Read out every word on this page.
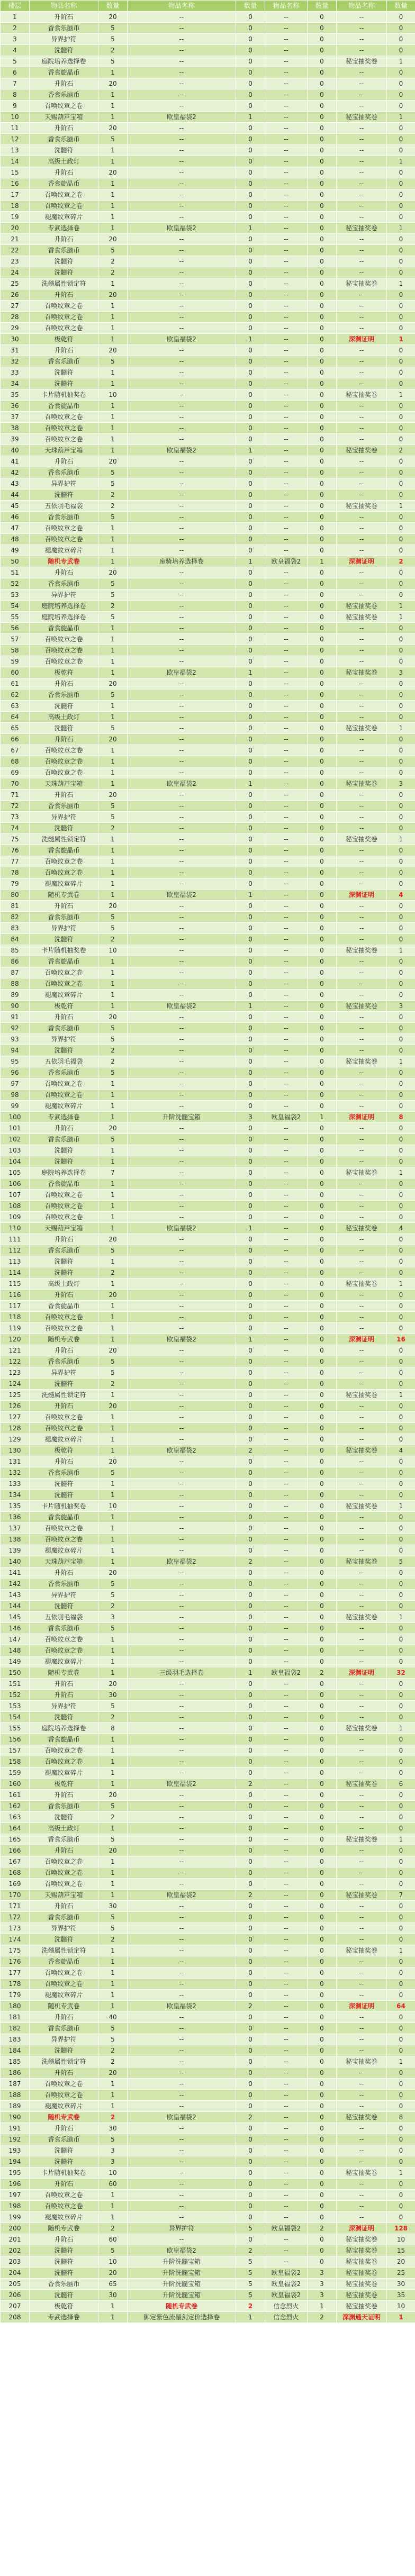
楼层	物品名称	数量	物品名称	数量	物品名称	数量	物品名称	数量
1	升阶石	20	--	0	--	0	--	0
2	香食乐脑币	5	--	0	--	0	--	0
3	异界护符	5	--	0	--	0	--	0
4	洗髓符	2	--	0	--	0	--	0
5	庭院培养选择卷	5	--	0	--	0	秘宝抽奖卷	1
6	香食旋晶币	1	--	0	--	0	--	0
7	升阶石	20	--	0	--	0	--	0
8	香食乐脑币	1	--	0	--	0	--	0
9	召唤纹章之卷	1	--	0	--	0	--	0
10	天赐葫芦宝箱	1	欧皇福袋2	1	--	0	秘宝抽奖卷	1
11	升阶石	20	--	0	--	0	--	0
12	香食乐脑币	5	--	0	--	0	--	0
13	洗髓符	1	--	0	--	0	--	0
14	高级土政灯	1	--	0	--	0	--	1
15	升阶石	20	--	0	--	0	--	0
16	香食旋晶币	1	--	0	--	0	--	0
17	召唤纹章之卷	1	--	0	--	0	--	0
18	召唤纹章之卷	1	--	0	--	0	--	0
19	褪魔纹章碎片	1	--	0	--	0	--	0
20	专武选择卷	1	欧皇福袋2	1	--	0	秘宝抽奖卷	1
21	升阶石	20	--	0	--	0	--	0
22	香食乐脑币	5	--	0	--	0	--	0
23	洗髓符	2	--	0	--	0	--	0
24	洗髓符	2	--	0	--	0	--	0
25	洗髓属性锁定符	1	--	0	--	0	秘宝抽奖卷	1
26	升阶石	20	--	0	--	0	--	0
27	召唤纹章之卷	1	--	0	--	0	--	0
28	召唤纹章之卷	1	--	0	--	0	--	0
29	召唤纹章之卷	1	--	0	--	0	--	0
30	极乾符	1	欧皇福袋2	1	--	0	深渊证明	1
31	升阶石	20	--	0	--	0	--	0
32	香食乐脑币	5	--	0	--	0	--	0
33	洗髓符	1	--	0	--	0	--	0
34	洗髓符	1	--	0	--	0	--	0
35	卡片随机抽奖卷	10	--	0	--	0	秘宝抽奖卷	1
36	香食旋晶币	1	--	0	--	0	--	0
37	召唤纹章之卷	1	--	0	--	0	--	0
38	召唤纹章之卷	1	--	0	--	0	--	0
39	召唤纹章之卷	1	--	0	--	0	--	0
40	天珠葫芦宝箱	1	欧皇福袋2	1	--	0	秘宝抽奖卷	2
41	升阶石	20	--	0	--	0	--	0
42	香食乐脑币	5	--	0	--	0	--	0
43	异界护符	5	--	0	--	0	--	0
44	洗髓符	2	--	0	--	0	--	0
45	五依羽毛福袋	2	--	0	--	0	秘宝抽奖卷	1
46	香食乐脑币	5	--	0	--	0	--	0
47	召唤纹章之卷	1	--	0	--	0	--	0
48	召唤纹章之卷	1	--	0	--	0	--	0
49	褪魔纹章碎片	1	--	0	--	0	--	0
50	随机专武卷	1	座骑培养选择卷	1	欧皇福袋2	1	深渊证明	2
51	升阶石	20	--	0	--	0	--	0
52	香食乐脑币	5	--	0	--	0	--	0
53	异界护符	5	--	0	--	0	--	0
54	庭院培养选择卷	2	--	0	--	0	秘宝抽奖卷	1
55	庭院培养选择卷	5	--	0	--	0	秘宝抽奖卷	1
56	香食旋晶币	1	--	0	--	0	--	0
57	召唤纹章之卷	1	--	0	--	0	--	0
58	召唤纹章之卷	1	--	0	--	0	--	0
59	召唤纹章之卷	1	--	0	--	0	--	0
60	极乾符	1	欧皇福袋2	1	--	0	秘宝抽奖卷	3
61	升阶石	20	--	0	--	0	--	0
62	香食乐脑币	5	--	0	--	0	--	0
63	洗髓符	1	--	0	--	0	--	0
64	高级土政灯	1	--	0	--	0	--	0
65	洗髓符	5	--	0	--	0	秘宝抽奖卷	1
66	升阶石	20	--	0	--	0	--	0
67	召唤纹章之卷	1	--	0	--	0	--	0
68	召唤纹章之卷	1	--	0	--	0	--	0
69	召唤纹章之卷	1	--	0	--	0	--	0
70	天珠葫芦宝箱	1	欧皇福袋2	1	--	0	秘宝抽奖卷	3
71	升阶石	20	--	0	--	0	--	0
72	香食乐脑币	5	--	0	--	0	--	0
73	异界护符	5	--	0	--	0	--	0
74	洗髓符	2	--	0	--	0	--	0
75	洗髓属性锁定符	1	--	0	--	0	秘宝抽奖卷	1
76	香食旋晶币	1	--	0	--	0	--	0
77	召唤纹章之卷	1	--	0	--	0	--	0
78	召唤纹章之卷	1	--	0	--	0	--	0
79	褪魔纹章碎片	1	--	0	--	0	--	0
80	随机专武卷	1	欧皇福袋2	1	--	0	深渊证明	4
81	升阶石	20	--	0	--	0	--	0
82	香食乐脑币	5	--	0	--	0	--	0
83	异界护符	5	--	0	--	0	--	0
84	洗髓符	2	--	0	--	0	--	0
85	卡片随机抽奖卷	10	--	0	--	0	秘宝抽奖卷	1
86	香食旋晶币	1	--	0	--	0	--	0
87	召唤纹章之卷	1	--	0	--	0	--	0
88	召唤纹章之卷	1	--	0	--	0	--	0
89	褪魔纹章碎片	1	--	0	--	0	--	0
90	极乾符	1	欧皇福袋2	1	--	0	秘宝抽奖卷	3
91	升阶石	20	--	0	--	0	--	0
92	香食乐脑币	5	--	0	--	0	--	0
93	异界护符	5	--	0	--	0	--	0
94	洗髓符	2	--	0	--	0	--	0
95	五依羽毛福袋	2	--	0	--	0	秘宝抽奖卷	1
96	香食乐脑币	5	--	0	--	0	--	0
97	召唤纹章之卷	1	--	0	--	0	--	0
98	召唤纹章之卷	1	--	0	--	0	--	0
99	褪魔纹章碎片	1	--	0	--	0	--	0
100	专武选择卷	1	升阶洗髓宝箱	3	欧皇福袋2	1	深渊证明	8
101	升阶石	20	--	0	--	0	--	0
102	香食乐脑币	5	--	0	--	0	--	0
103	洗髓符	1	--	0	--	0	--	0
104	洗髓符	1	--	0	--	0	--	0
105	庭院培养选择卷	7	--	0	--	0	秘宝抽奖卷	1
106	香食旋晶币	1	--	0	--	0	--	0
107	召唤纹章之卷	1	--	0	--	0	--	0
108	召唤纹章之卷	1	--	0	--	0	--	0
109	召唤纹章之卷	1	--	0	--	0	--	0
110	天赐葫芦宝箱	1	欧皇福袋2	1	--	0	秘宝抽奖卷	4
111	升阶石	20	--	0	--	0	--	0
112	香食乐脑币	5	--	0	--	0	--	0
113	洗髓符	1	--	0	--	0	--	0
114	洗髓符	2	--	0	--	0	--	0
115	高级土政灯	1	--	0	--	0	秘宝抽奖卷	1
116	升阶石	20	--	0	--	0	--	0
117	香食旋晶币	1	--	0	--	0	--	0
118	召唤纹章之卷	1	--	0	--	0	--	0
119	召唤纹章之卷	1	--	0	--	0	--	0
120	随机专武卷	1	欧皇福袋2	1	--	0	深渊证明	16
121	升阶石	20	--	0	--	0	--	0
122	香食乐脑币	5	--	0	--	0	--	0
123	异界护符	5	--	0	--	0	--	0
124	洗髓符	2	--	0	--	0	--	0
125	洗髓属性锁定符	1	--	0	--	0	秘宝抽奖卷	1
126	升阶石	20	--	0	--	0	--	0
127	召唤纹章之卷	1	--	0	--	0	--	0
128	召唤纹章之卷	1	--	0	--	0	--	0
129	褪魔纹章碎片	1	--	0	--	0	--	0
130	极乾符	1	欧皇福袋2	2	--	0	秘宝抽奖卷	4
131	升阶石	20	--	0	--	0	--	0
132	香食乐脑币	5	--	0	--	0	--	0
133	洗髓符	1	--	0	--	0	--	0
134	洗髓符	1	--	0	--	0	--	0
135	卡片随机抽奖卷	10	--	0	--	0	秘宝抽奖卷	1
136	香食旋晶币	1	--	0	--	0	--	0
137	召唤纹章之卷	1	--	0	--	0	--	0
138	召唤纹章之卷	1	--	0	--	0	--	0
139	褪魔纹章碎片	1	--	0	--	0	--	0
140	天珠葫芦宝箱	1	欧皇福袋2	2	--	0	秘宝抽奖卷	5
141	升阶石	20	--	0	--	0	--	0
142	香食乐脑币	5	--	0	--	0	--	0
143	异界护符	5	--	0	--	0	--	0
144	洗髓符	2	--	0	--	0	--	0
145	五依羽毛福袋	3	--	0	--	0	秘宝抽奖卷	1
146	香食乐脑币	5	--	0	--	0	--	0
147	召唤纹章之卷	1	--	0	--	0	--	0
148	召唤纹章之卷	1	--	0	--	0	--	0
149	褪魔纹章碎片	1	--	0	--	0	--	0
150	随机专武卷	1	三级羽毛选择卷	1	欧皇福袋2	2	深渊证明	32
151	升阶石	20	--	0	--	0	--	0
152	升阶石	30	--	0	--	0	--	0
153	异界护符	5	--	0	--	0	--	0
154	洗髓符	2	--	0	--	0	--	0
155	庭院培养选择卷	8	--	0	--	0	秘宝抽奖卷	1
156	香食旋晶币	1	--	0	--	0	--	0
157	召唤纹章之卷	1	--	0	--	0	--	0
158	召唤纹章之卷	1	--	0	--	0	--	0
159	褪魔纹章碎片	1	--	0	--	0	--	0
160	极乾符	1	欧皇福袋2	2	--	0	秘宝抽奖卷	6
161	升阶石	20	--	0	--	0	--	0
162	香食乐脑币	5	--	0	--	0	--	0
163	洗髓符	2	--	0	--	0	--	0
164	高级土政灯	1	--	0	--	0	--	0
165	香食乐脑币	5	--	0	--	0	秘宝抽奖卷	1
166	升阶石	20	--	0	--	0	--	0
167	召唤纹章之卷	1	--	0	--	0	--	0
168	召唤纹章之卷	1	--	0	--	0	--	0
169	召唤纹章之卷	1	--	0	--	0	--	0
170	天赐葫芦宝箱	1	欧皇福袋2	2	--	0	秘宝抽奖卷	7
171	升阶石	30	--	0	--	0	--	0
172	香食乐脑币	5	--	0	--	0	--	0
173	异界护符	5	--	0	--	0	--	0
174	洗髓符	2	--	0	--	0	--	0
175	洗髓属性锁定符	1	--	0	--	0	秘宝抽奖卷	1
176	香食旋晶币	1	--	0	--	0	--	0
177	召唤纹章之卷	1	--	0	--	0	--	0
178	召唤纹章之卷	1	--	0	--	0	--	0
179	褪魔纹章碎片	1	--	0	--	0	--	0
180	随机专武卷	1	欧皇福袋2	2	--	0	深渊证明	64
181	升阶石	40	--	0	--	0	--	0
182	香食乐脑币	5	--	0	--	0	--	0
183	异界护符	5	--	0	--	0	--	0
184	洗髓符	2	--	0	--	0	--	0
185	洗髓属性锁定符	2	--	0	--	0	秘宝抽奖卷	1
186	升阶石	20	--	0	--	0	--	0
187	召唤纹章之卷	1	--	0	--	0	--	0
188	召唤纹章之卷	1	--	0	--	0	--	0
189	褪魔纹章碎片	1	--	0	--	0	--	0
190	随机专武卷	2	欧皇福袋2	2	--	0	秘宝抽奖卷	8
191	升阶石	30	--	0	--	0	--	0
192	香食乐脑币	5	--	0	--	0	--	0
193	洗髓符	3	--	0	--	0	--	0
194	洗髓符	3	--	0	--	0	--	0
195	卡片随机抽奖卷	10	--	0	--	0	秘宝抽奖卷	1
196	升阶石	60	--	0	--	0	--	0
197	召唤纹章之卷	1	--	0	--	0	--	0
198	召唤纹章之卷	1	--	0	--	0	--	0
199	褪魔纹章碎片	1	--	0	--	0	--	0
200	随机专武卷	2	异界护符	5	欧皇福袋2	2	深渊证明	128
201	升阶石	60	--	0	--	0	秘宝抽奖卷	10
202	洗髓符	5	欧皇福袋2	2	--	0	秘宝抽奖卷	15
203	洗髓符	10	升阶洗髓宝箱	5	--	0	秘宝抽奖卷	20
204	洗髓符	20	升阶洗髓宝箱	5	欧皇福袋2	3	秘宝抽奖卷	25
205	香食乐脑币	65	升阶洗髓宝箱	5	欧皇福袋2	3	秘宝抽奖卷	30
206	洗髓符	30	升阶洗髓宝箱	5	欧皇福袋2	3	秘宝抽奖卷	35
207	极乾符	1	随机专武卷	2	信念烈火	1	秘宝抽奖卷	10
208	专武选择卷	1	御定紫色流星剑定价选择卷	1	信念烈火	2	深渊通天证明	1
